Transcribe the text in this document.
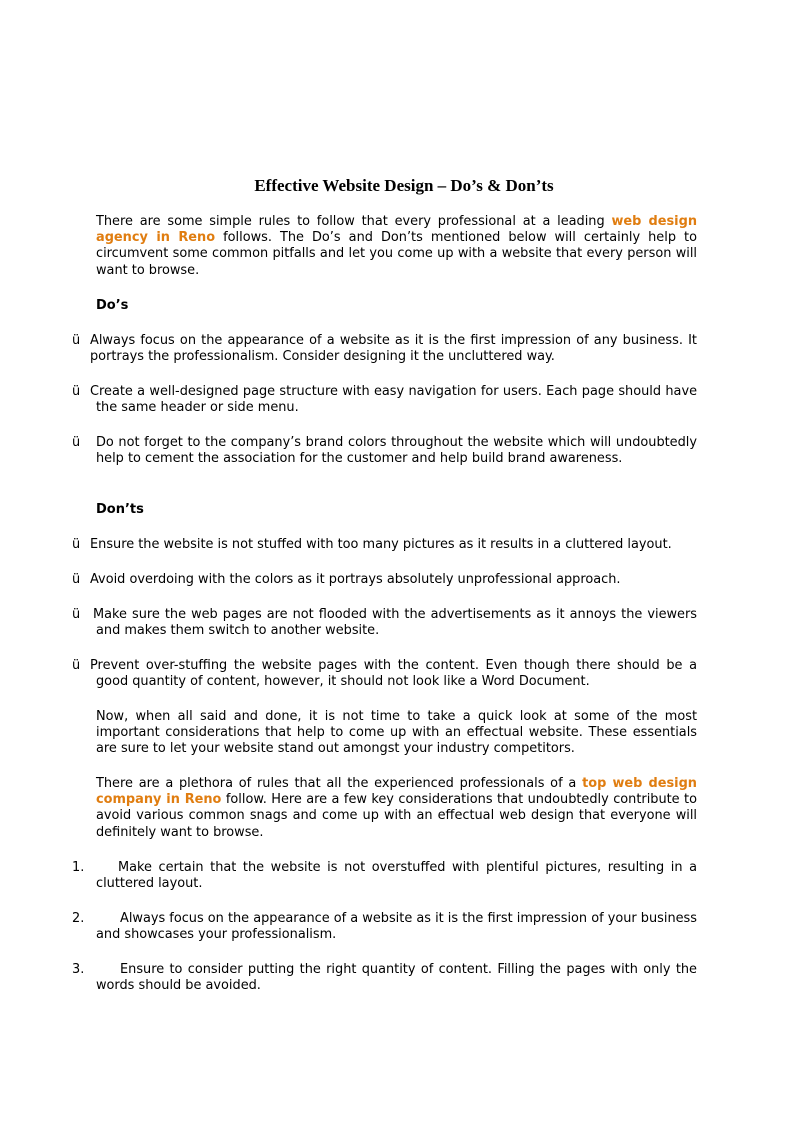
Effective Website Design – Do’s & Don’ts

There are some simple rules to follow that every professional at a leading web design agency in Reno follows. The Do’s and Don’ts mentioned below will certainly help to circumvent some common pitfalls and let you come up with a website that every person will want to browse.

Do’s

ü Always focus on the appearance of a website as it is the first impression of any business. It portrays the professionalism. Consider designing it the uncluttered way.
ü Create a well-designed page structure with easy navigation for users. Each page should have the same header or side menu.
ü	Do not forget to the company’s brand colors throughout the website which will undoubtedly help to cement the association for the customer and help build brand awareness.

Don’ts

ü Ensure the website is not stuffed with too many pictures as it results in a cluttered layout.
ü Avoid overdoing with the colors as it portrays absolutely unprofessional approach.
ü Make sure the web pages are not flooded with the advertisements as it annoys the viewers and makes them switch to another website.
ü Prevent over-stuffing the website pages with the content. Even though there should be a good quantity of content, however, it should not look like a Word Document.

Now, when all said and done, it is not time to take a quick look at some of the most important considerations that help to come up with an effectual website. These essentials are sure to let your website stand out amongst your industry competitors.

There are a plethora of rules that all the experienced professionals of a top web design company in Reno follow. Here are a few key considerations that undoubtedly contribute to avoid various common snags and come up with an effectual web design that everyone will definitely want to browse.

1.	Make certain that the website is not overstuffed with plentiful pictures, resulting in a cluttered layout.
2.	Always focus on the appearance of a website as it is the first impression of your business and showcases your professionalism.
3.	Ensure to consider putting the right quantity of content. Filling the pages with only the words should be avoided.
